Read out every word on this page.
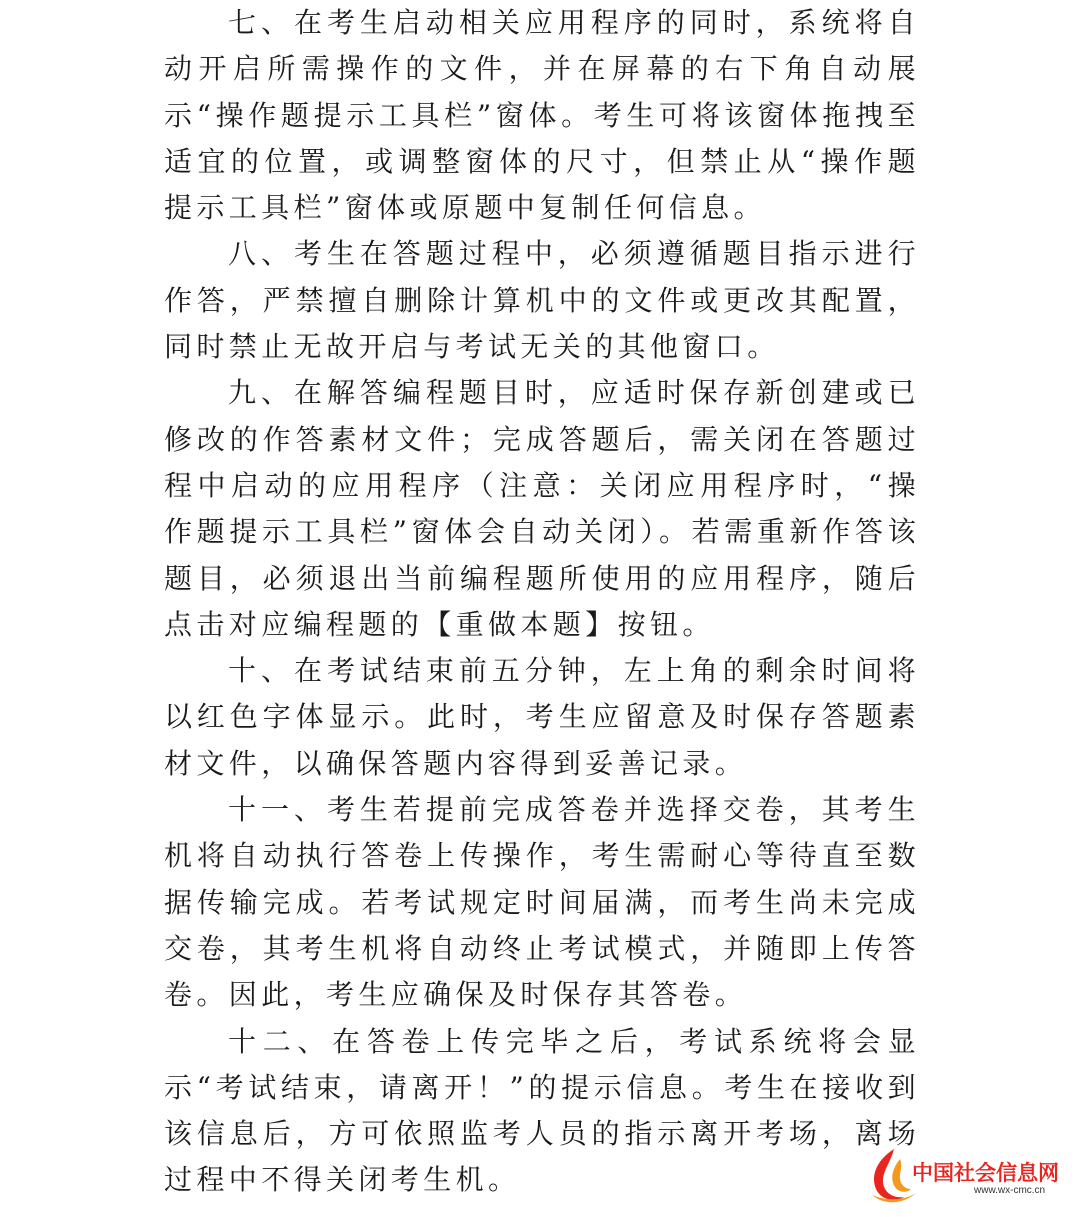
七、在考生启动相关应用程序的同时，系统将自动开启所需操作的文件，并在屏幕的右下角自动展示“操作题提示工具栏”窗体。考生可将该窗体拖拽至适宜的位置，或调整窗体的尺寸，但禁止从“操作题提示工具栏”窗体或原题中复制任何信息。

八、考生在答题过程中，必须遵循题目指示进行作答，严禁擅自删除计算机中的文件或更改其配置，同时禁止无故开启与考试无关的其他窗口。

九、在解答编程题目时，应适时保存新创建或已修改的作答素材文件；完成答题后，需关闭在答题过程中启动的应用程序（注意：关闭应用程序时，“操作题提示工具栏”窗体会自动关闭）。若需重新作答该题目，必须退出当前编程题所使用的应用程序，随后点击对应编程题的【重做本题】按钮。

十、在考试结束前五分钟，左上角的剩余时间将以红色字体显示。此时，考生应留意及时保存答题素材文件，以确保答题内容得到妥善记录。

十一、考生若提前完成答卷并选择交卷，其考生机将自动执行答卷上传操作，考生需耐心等待直至数据传输完成。若考试规定时间届满，而考生尚未完成交卷，其考生机将自动终止考试模式，并随即上传答卷。因此，考生应确保及时保存其答卷。

十二、在答卷上传完毕之后，考试系统将会显示“考试结束，请离开！”的提示信息。考生在接收到该信息后，方可依照监考人员的指示离开考场，离场过程中不得关闭考生机。	中国社会信息网
www.wx-cmc.cn
